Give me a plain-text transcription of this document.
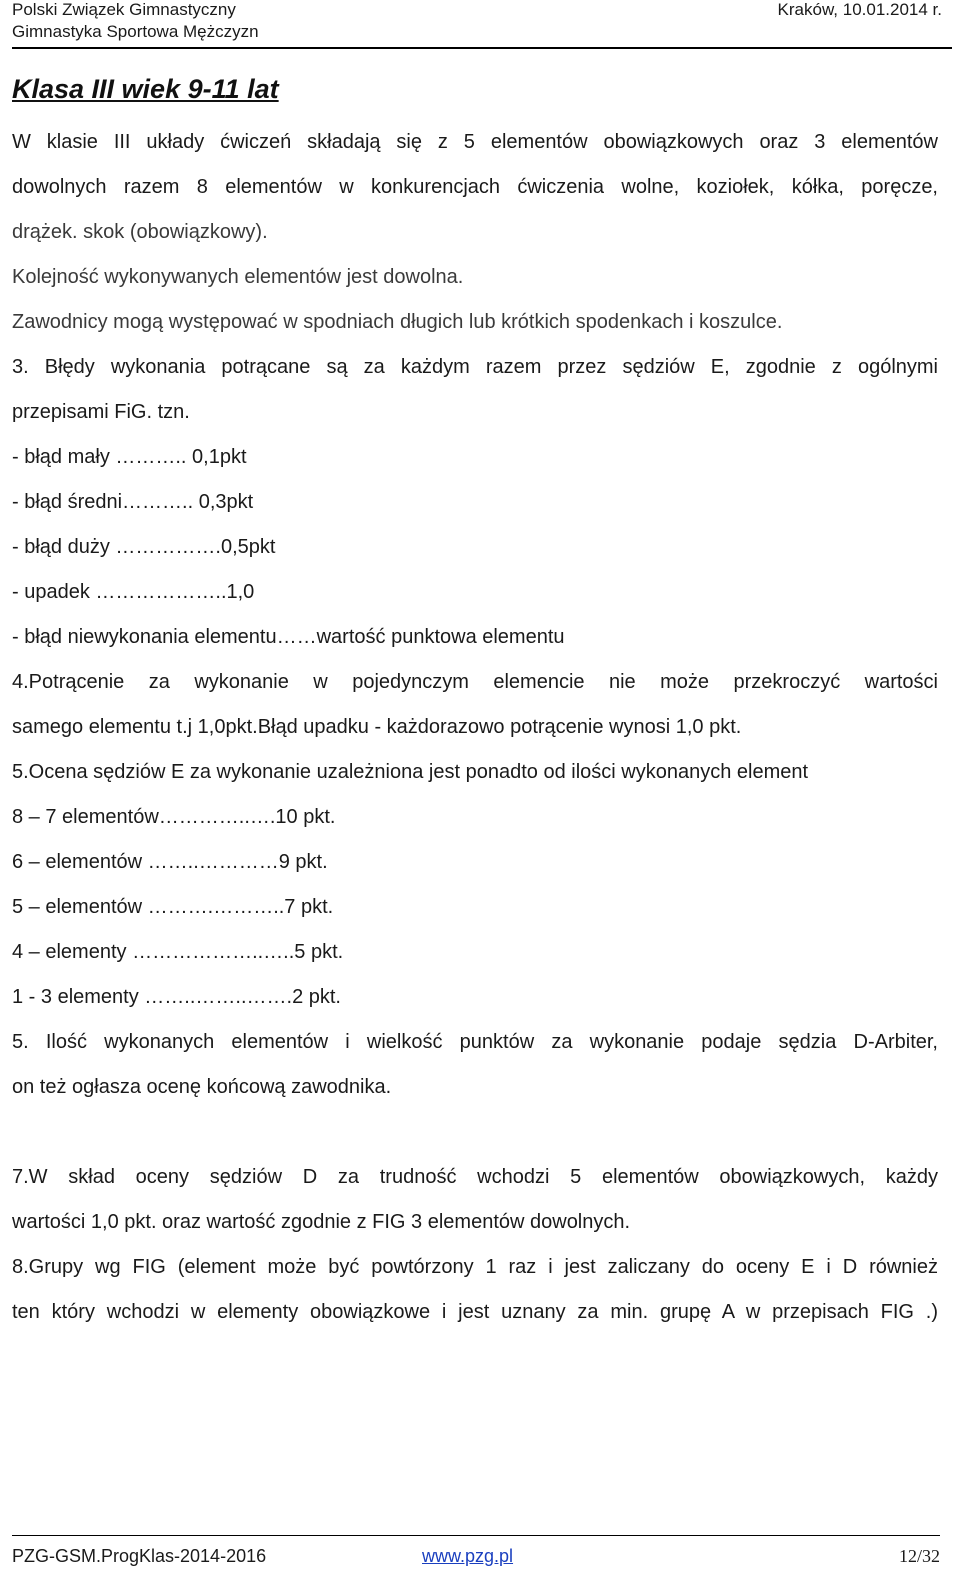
Polski Związek Gimnastyczny
Gimnastyka Sportowa Mężczyzn
Kraków, 10.01.2014 r.
Klasa III wiek 9-11 lat
W klasie III układy ćwiczeń składają się z 5 elementów obowiązkowych oraz 3 elementów
dowolnych razem 8 elementów w konkurencjach ćwiczenia wolne, koziołek, kółka, poręcze,
drążek. skok (obowiązkowy).
Kolejność wykonywanych elementów jest dowolna.
Zawodnicy mogą występować w spodniach długich lub krótkich spodenkach i koszulce.
3. Błędy wykonania potrącane są za każdym razem przez sędziów E, zgodnie z ogólnymi
przepisami FiG. tzn.
- błąd mały ……….. 0,1pkt
- błąd średni……….. 0,3pkt
- błąd duży …………….0,5pkt
- upadek ………………..1,0
- błąd niewykonania elementu……wartość punktowa elementu
4.Potrącenie za wykonanie w pojedynczym elemencie nie może przekroczyć wartości
samego elementu t.j 1,0pkt.Błąd upadku - każdorazowo potrącenie wynosi 1,0 pkt.
5.Ocena sędziów E za wykonanie uzależniona jest ponadto od ilości wykonanych element
8 – 7 elementów…………..….10 pkt.
6 – elementów ……..…………9 pkt.
5 – elementów ……….………..7 pkt.
4 – elementy ………………..…..5 pkt.
1 - 3 elementy ……..……..…….2 pkt.
5. Ilość wykonanych elementów i wielkość punktów za wykonanie podaje sędzia D-Arbiter,
on też ogłasza ocenę końcową zawodnika.
7.W skład oceny sędziów D za trudność wchodzi 5 elementów obowiązkowych, każdy
wartości 1,0 pkt. oraz wartość zgodnie z FIG 3 elementów dowolnych.
8.Grupy wg FIG (element może być powtórzony 1 raz i jest zaliczany do oceny E i D również
ten który wchodzi w elementy obowiązkowe i jest uznany za min. grupę A w przepisach FIG .)
PZG-GSM.ProgKlas-2014-2016	www.pzg.pl	12/32
